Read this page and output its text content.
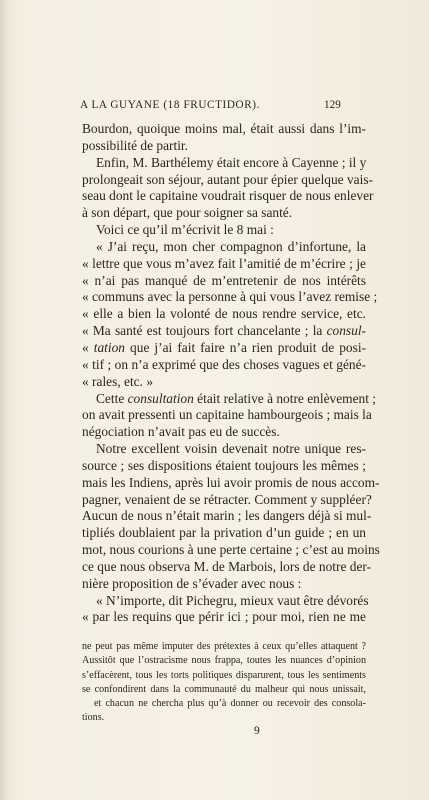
A LA GUYANE (18 FRUCTIDOR).	129
Bourdon, quoique moins mal, était aussi dans l’im-
possibilité de partir.
Enfin, M. Barthélemy était encore à Cayenne ; il y
prolongeait son séjour, autant pour épier quelque vais-
seau dont le capitaine voudrait risquer de nous enlever
à son départ, que pour soigner sa santé.
Voici ce qu’il m’écrivit le 8 mai :
« J’ai reçu, mon cher compagnon d’infortune, la
« lettre que vous m’avez fait l’amitié de m’écrire ; je
« n’ai pas manqué de m’entretenir de nos intérêts
« communs avec la personne à qui vous l’avez remise ;
« elle a bien la volonté de nous rendre service, etc.
« Ma santé est toujours fort chancelante ; la consul-
« tation que j’ai fait faire n’a rien produit de posi-
« tif ; on n’a exprimé que des choses vagues et géné-
« rales, etc. »
Cette consultation était relative à notre enlèvement ;
on avait pressenti un capitaine hambourgeois ; mais la
négociation n’avait pas eu de succès.
Notre excellent voisin devenait notre unique res-
source ; ses dispositions étaient toujours les mêmes ;
mais les Indiens, après lui avoir promis de nous accom-
pagner, venaient de se rétracter. Comment y suppléer?
Aucun de nous n’était marin ; les dangers déjà si mul-
tipliés doublaient par la privation d’un guide ; en un
mot, nous courions à une perte certaine ; c’est au moins
ce que nous observa M. de Marbois, lors de notre der-
nière proposition de s’évader avec nous :
« N’importe, dit Pichegru, mieux vaut être dévorés
« par les requins que périr ici ; pour moi, rien ne me
ne peut pas même imputer des prétextes à ceux qu’elles attaquent ?
Aussitôt que l’ostracisme nous frappa, toutes les nuances d’opinion
s’effacèrent, tous les torts politiques disparurent, tous les sentiments
se confondirent dans la communauté du malheur qui nous unissait,
et chacun ne chercha plus qu’à donner ou recevoir des consola-
tions.
9
